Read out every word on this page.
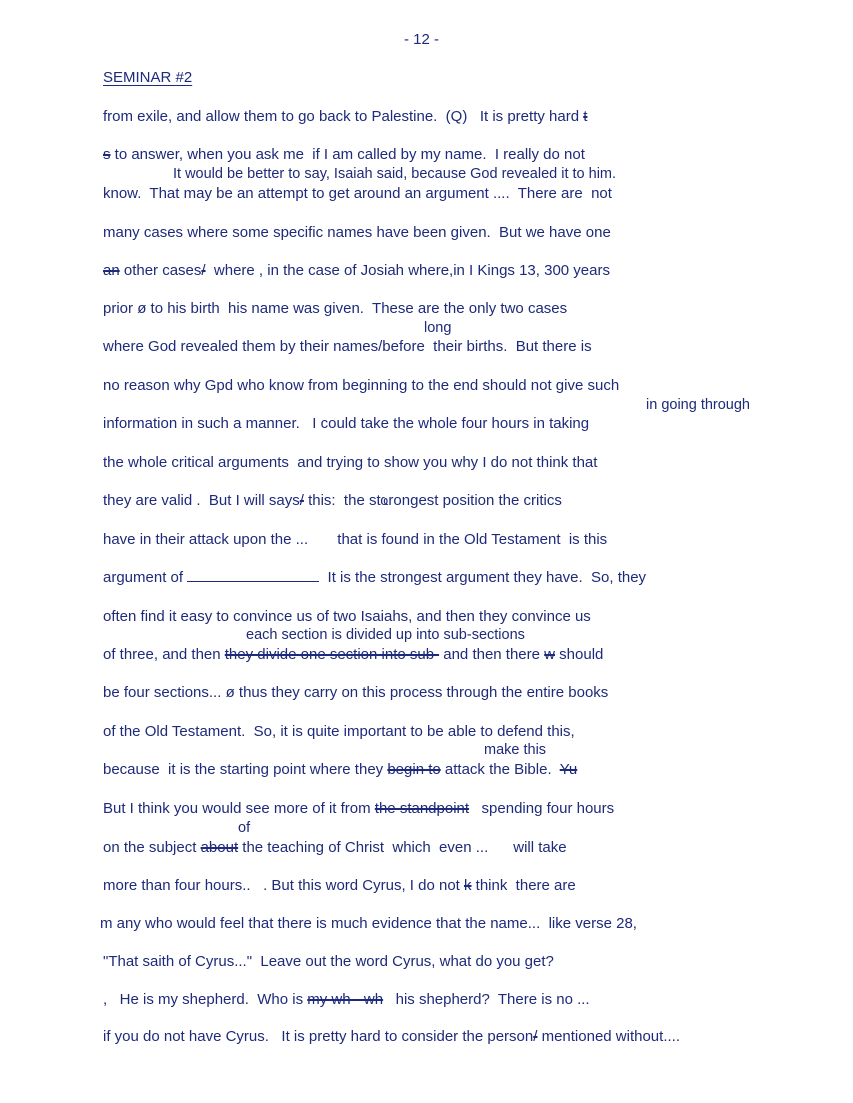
- 12 -
SEMINAR #2
from exile, and allow them to go back to Palestine.  (Q)   It is pretty hard t
s to answer, when you ask me  if I am called by my name.  I really do not
It would be better to say, Isaiah said, because God revealed it to him.
know.  That may be an attempt to get around an argument ....  There are  not
many cases where some specific names have been given.  But we have one
an other cases/  where , in the case of Josiah where,in I Kings 13, 300 years
prior ø to his birth  his name was given.  These are the only two cases
long
where God revealed them by their names/before  their births.  But there is
no reason why Gpd who know from beginning to the end should not give such
in going through
information in such a manner.   I could take the whole four hours in taking
the whole critical arguments  and trying to show you why I do not think that
they are valid .  But I will says/ this:  the stҩrongest position the critics
have in their attack upon the ...       that is found in the Old Testament  is this
argument of	It is the strongest argument they have.  So, they
often find it easy to convince us of two Isaiahs, and then they convince us
each section is divided up into sub-sections
of three, and then they divide one section into sub- and then there w should
be four sections... ø thus they carry on this process through the entire books
of the Old Testament.  So, it is quite important to be able to defend this,
make this
because  it is the starting point where they begin to attack the Bible.  Yu
But I think you would see more of it from the standpoint   spending four hours
of
on the subject about the teaching of Christ  which  even ...      will take
more than four hours..   . But this word Cyrus, I do not k think  there are
m any who would feel that there is much evidence that the name...  like verse 28,
"That saith of Cyrus..."  Leave out the word Cyrus, what do you get?
,   He is my shepherd.  Who is my wh - wh   his shepherd?  There is no ...
if you do not have Cyrus.   It is pretty hard to consider the person/ mentioned without....
